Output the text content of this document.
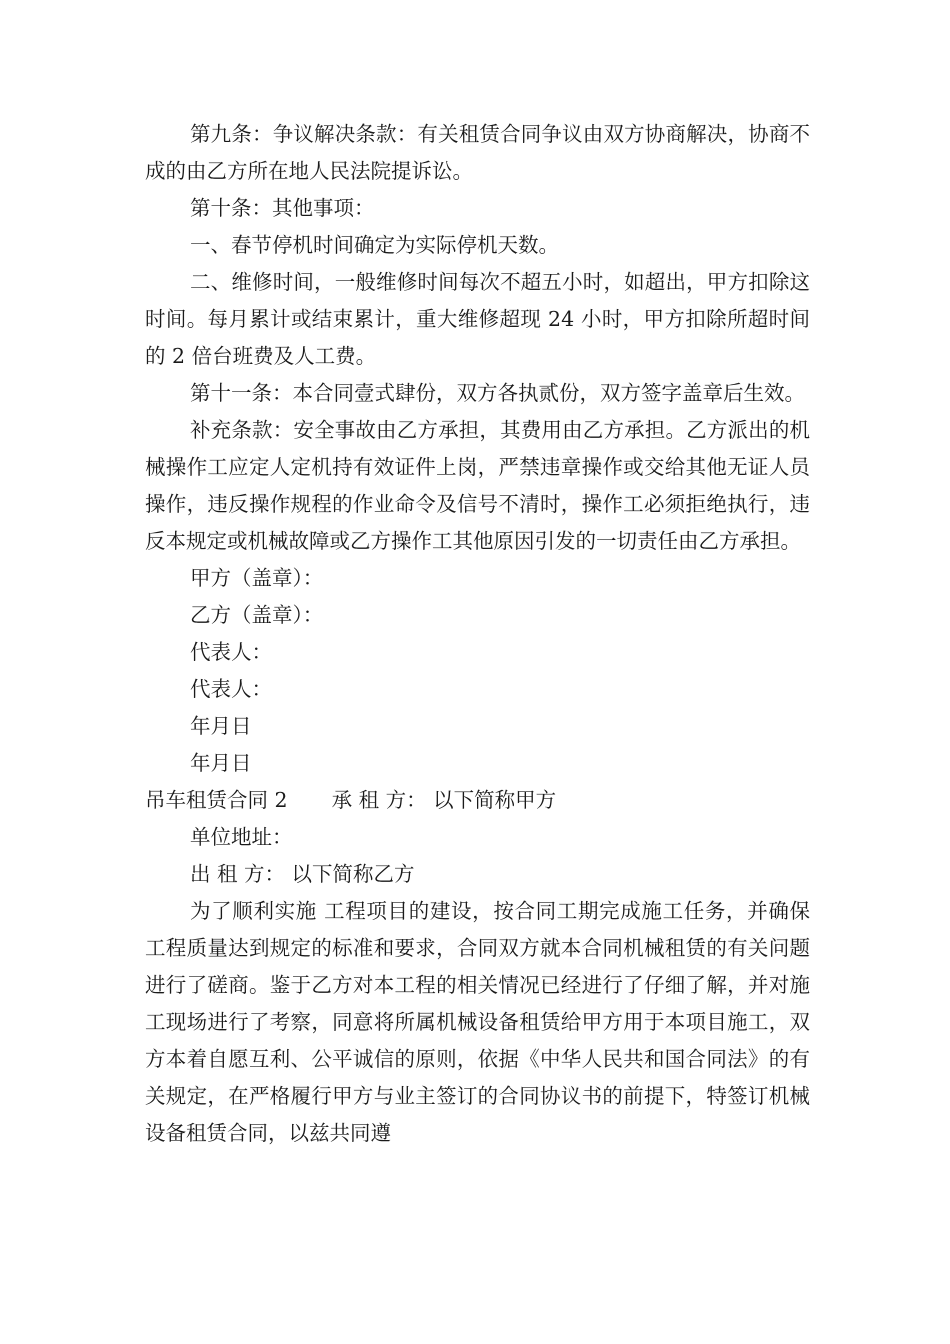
第九条：争议解决条款：有关租赁合同争议由双方协商解决，协商不成的由乙方所在地人民法院提诉讼。

第十条：其他事项：

一、春节停机时间确定为实际停机天数。

二、维修时间，一般维修时间每次不超五小时，如超出，甲方扣除这时间。每月累计或结束累计，重大维修超现 24 小时，甲方扣除所超时间的 2 倍台班费及人工费。

第十一条：本合同壹式肆份，双方各执贰份，双方签字盖章后生效。

补充条款：安全事故由乙方承担，其费用由乙方承担。乙方派出的机械操作工应定人定机持有效证件上岗，严禁违章操作或交给其他无证人员操作，违反操作规程的作业命令及信号不清时，操作工必须拒绝执行，违反本规定或机械故障或乙方操作工其他原因引发的一切责任由乙方承担。

甲方（盖章）：

乙方（盖章）：

代表人：

代表人：

年月日

年月日

吊车租赁合同 2 承 租 方： 以下简称甲方

单位地址：

出 租 方： 以下简称乙方

为了顺利实施 工程项目的建设，按合同工期完成施工任务，并确保工程质量达到规定的标准和要求，合同双方就本合同机械租赁的有关问题进行了磋商。鉴于乙方对本工程的相关情况已经进行了仔细了解，并对施工现场进行了考察，同意将所属机械设备租赁给甲方用于本项目施工，双方本着自愿互利、公平诚信的原则，依据《中华人民共和国合同法》的有关规定，在严格履行甲方与业主签订的合同协议书的前提下，特签订机械设备租赁合同，以兹共同遵
